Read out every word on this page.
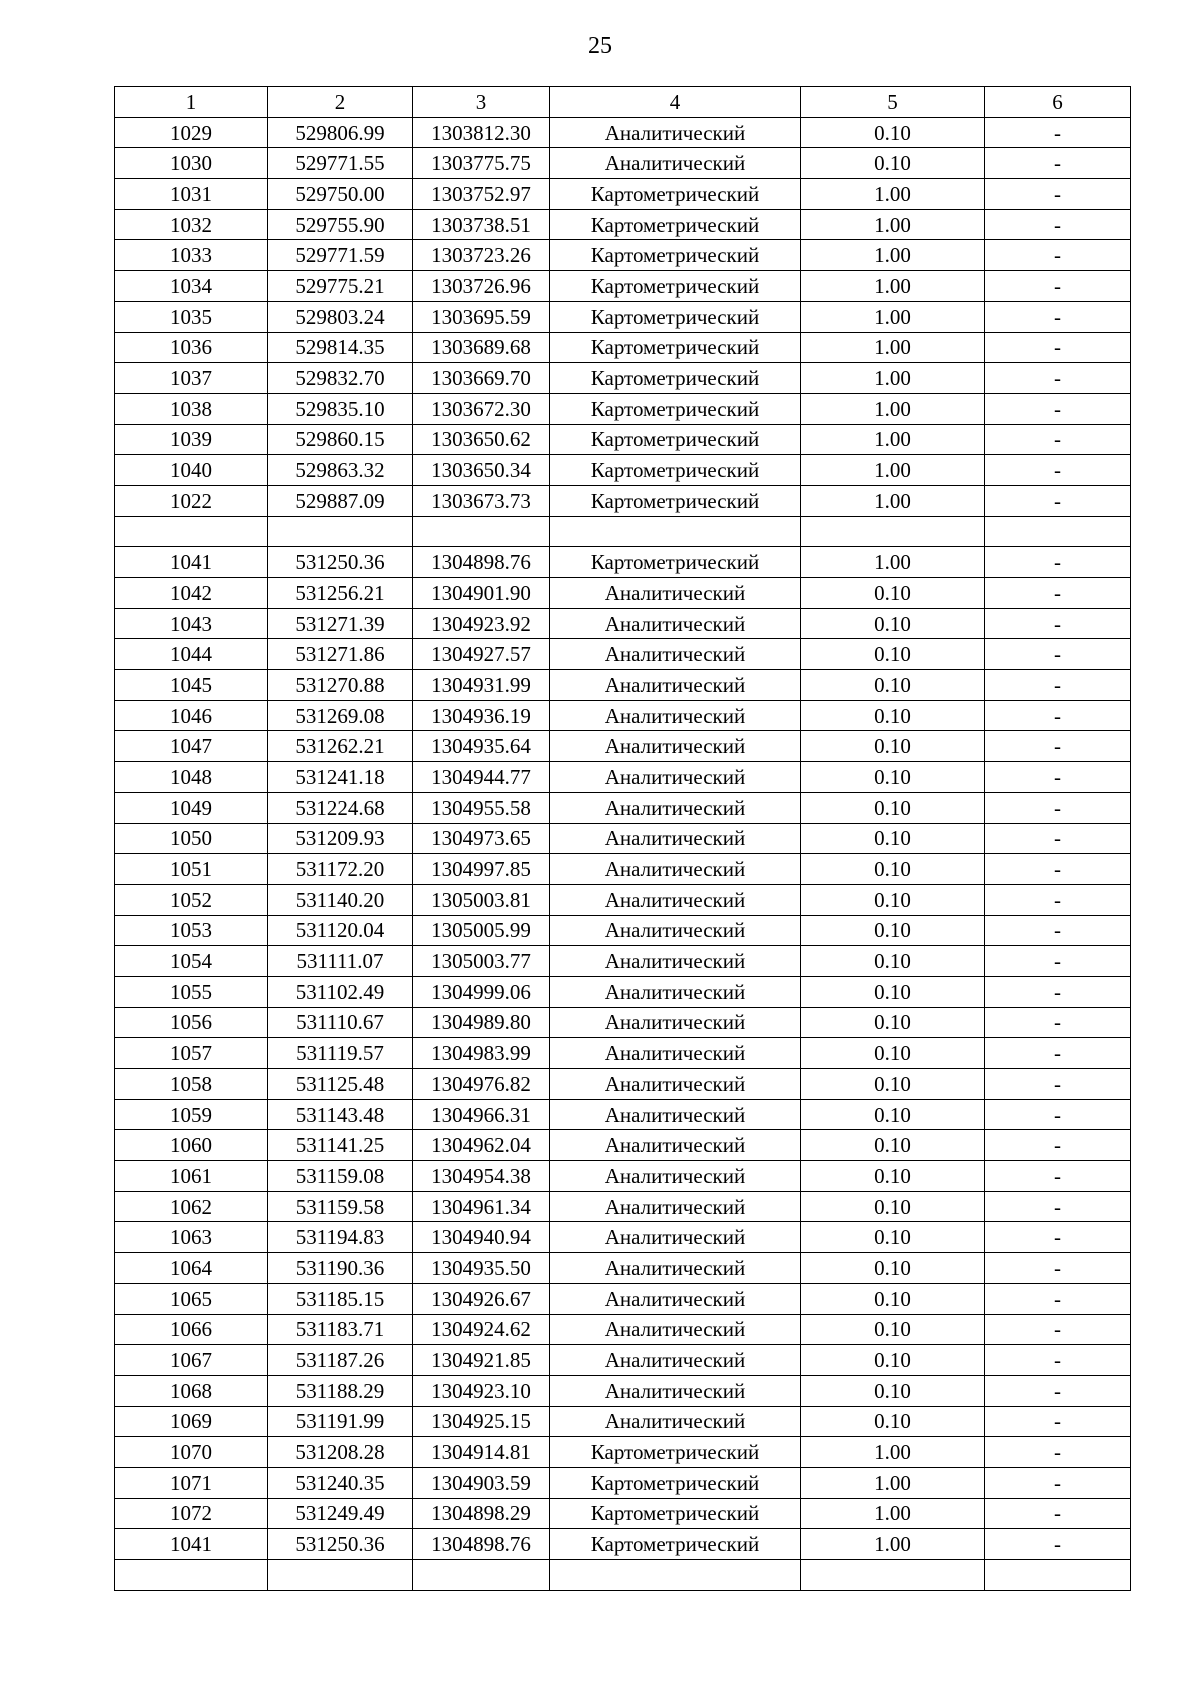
25
1	2	3	4	5	6
1029	529806.99	1303812.30	Аналитический	0.10	-
1030	529771.55	1303775.75	Аналитический	0.10	-
1031	529750.00	1303752.97	Картометрический	1.00	-
1032	529755.90	1303738.51	Картометрический	1.00	-
1033	529771.59	1303723.26	Картометрический	1.00	-
1034	529775.21	1303726.96	Картометрический	1.00	-
1035	529803.24	1303695.59	Картометрический	1.00	-
1036	529814.35	1303689.68	Картометрический	1.00	-
1037	529832.70	1303669.70	Картометрический	1.00	-
1038	529835.10	1303672.30	Картометрический	1.00	-
1039	529860.15	1303650.62	Картометрический	1.00	-
1040	529863.32	1303650.34	Картометрический	1.00	-
1022	529887.09	1303673.73	Картометрический	1.00	-

1041	531250.36	1304898.76	Картометрический	1.00	-
1042	531256.21	1304901.90	Аналитический	0.10	-
1043	531271.39	1304923.92	Аналитический	0.10	-
1044	531271.86	1304927.57	Аналитический	0.10	-
1045	531270.88	1304931.99	Аналитический	0.10	-
1046	531269.08	1304936.19	Аналитический	0.10	-
1047	531262.21	1304935.64	Аналитический	0.10	-
1048	531241.18	1304944.77	Аналитический	0.10	-
1049	531224.68	1304955.58	Аналитический	0.10	-
1050	531209.93	1304973.65	Аналитический	0.10	-
1051	531172.20	1304997.85	Аналитический	0.10	-
1052	531140.20	1305003.81	Аналитический	0.10	-
1053	531120.04	1305005.99	Аналитический	0.10	-
1054	531111.07	1305003.77	Аналитический	0.10	-
1055	531102.49	1304999.06	Аналитический	0.10	-
1056	531110.67	1304989.80	Аналитический	0.10	-
1057	531119.57	1304983.99	Аналитический	0.10	-
1058	531125.48	1304976.82	Аналитический	0.10	-
1059	531143.48	1304966.31	Аналитический	0.10	-
1060	531141.25	1304962.04	Аналитический	0.10	-
1061	531159.08	1304954.38	Аналитический	0.10	-
1062	531159.58	1304961.34	Аналитический	0.10	-
1063	531194.83	1304940.94	Аналитический	0.10	-
1064	531190.36	1304935.50	Аналитический	0.10	-
1065	531185.15	1304926.67	Аналитический	0.10	-
1066	531183.71	1304924.62	Аналитический	0.10	-
1067	531187.26	1304921.85	Аналитический	0.10	-
1068	531188.29	1304923.10	Аналитический	0.10	-
1069	531191.99	1304925.15	Аналитический	0.10	-
1070	531208.28	1304914.81	Картометрический	1.00	-
1071	531240.35	1304903.59	Картометрический	1.00	-
1072	531249.49	1304898.29	Картометрический	1.00	-
1041	531250.36	1304898.76	Картометрический	1.00	-
